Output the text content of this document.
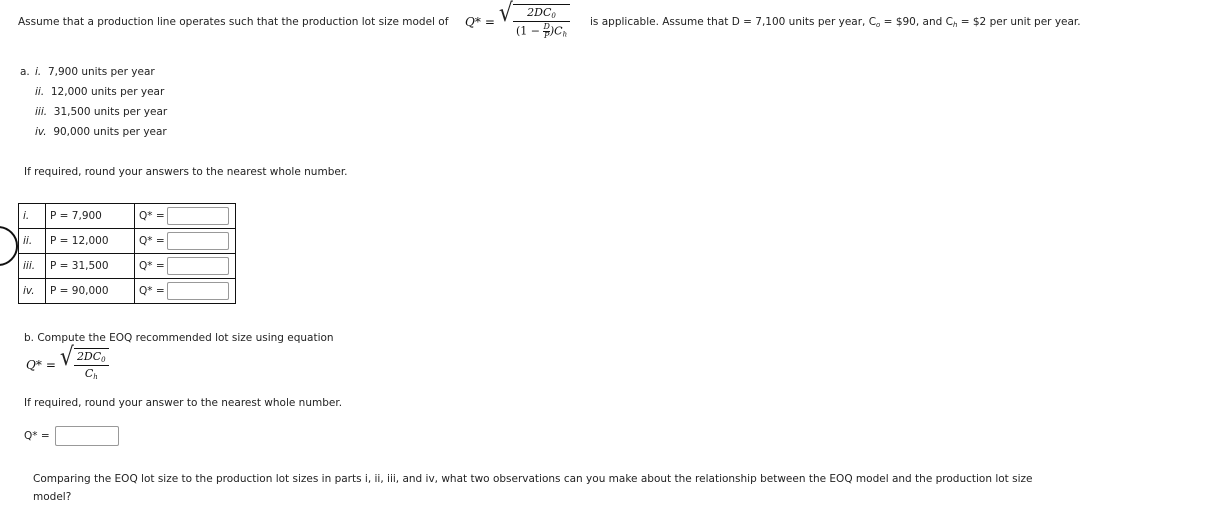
Assume that a production line operates such that the production lot size model of Q* = √ $\frac{2DC_0}{(1 - \frac{D}{P} )C_h}$ is applicable. Assume that D = 7,100 units per year, $C_o$ = $90, and $C_h$ = $2 per unit per year.
a. i. 7,900 units per year
ii. 12,000 units per year
iii. 31,500 units per year
iv. 90,000 units per year
If required, round your answers to the nearest whole number.
i.	P = 7,900	Q* =
ii.	P = 12,000	Q* =
iii.	P = 31,500	Q* =
iv.	P = 90,000	Q* =
b. Compute the EOQ recommended lot size using equation
Q* = √ $\frac{2DC_0}{C_h}$
If required, round your answer to the nearest whole number.
Q* =
Comparing the EOQ lot size to the production lot sizes in parts i, ii, iii, and iv, what two observations can you make about the relationship between the EOQ model and the production lot size
model?
